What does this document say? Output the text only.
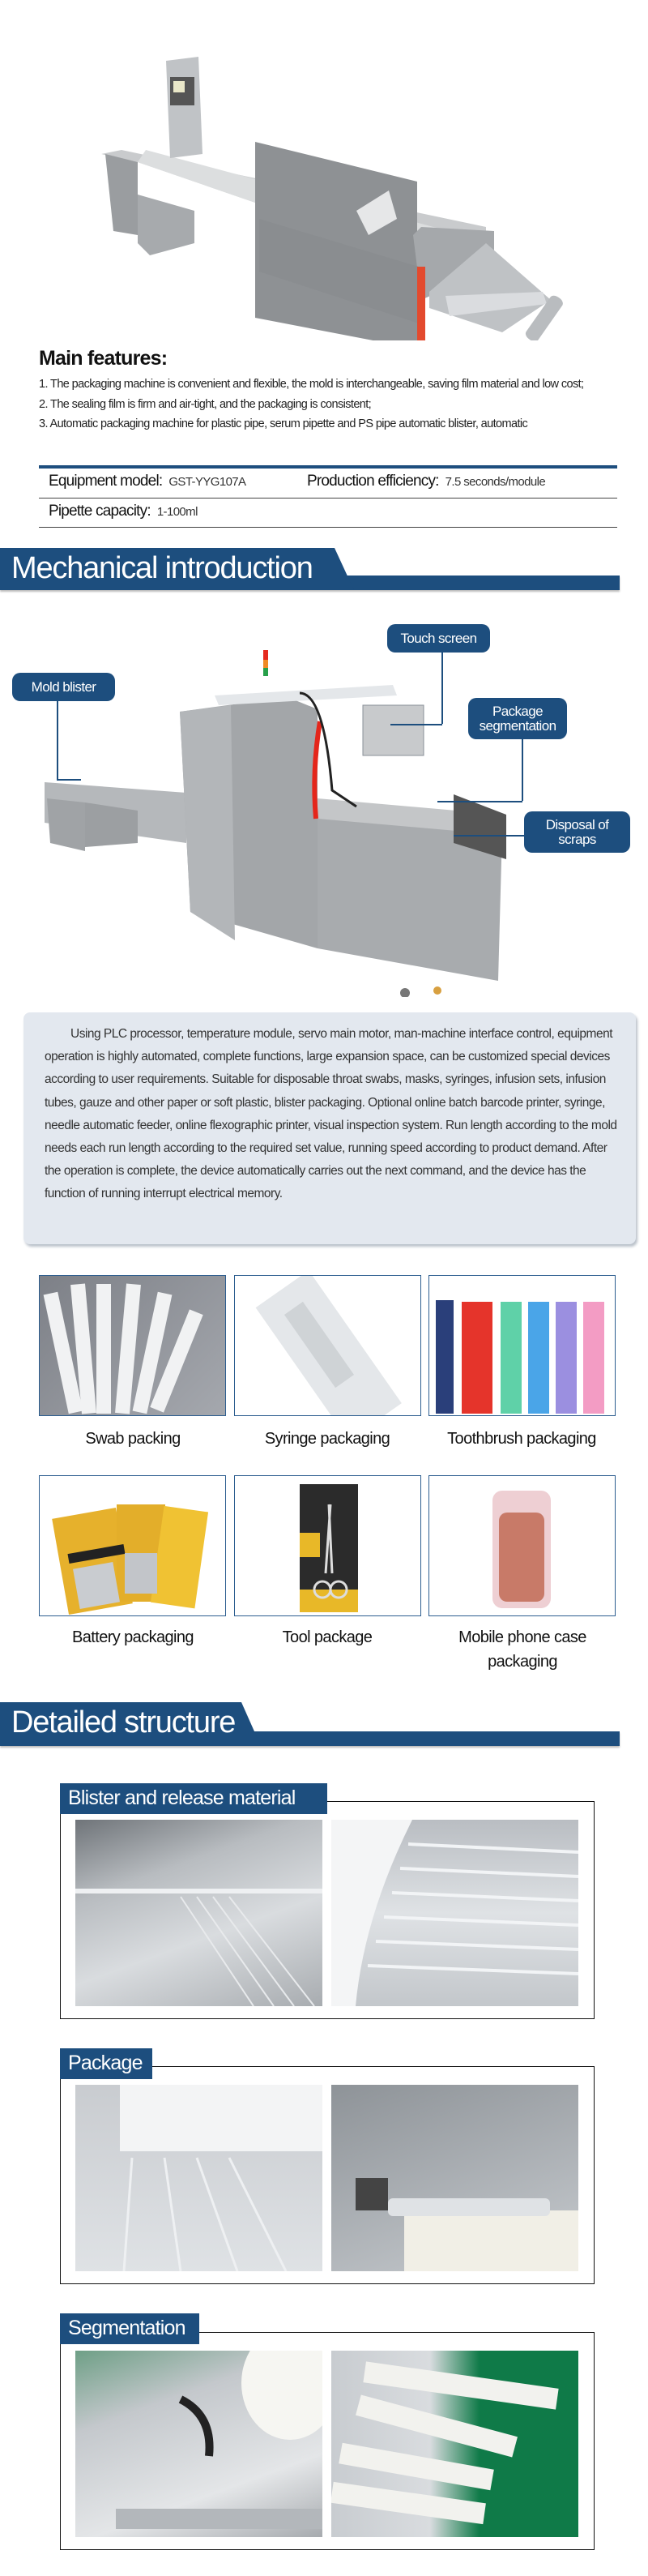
Main features:
1. The packaging machine is convenient and flexible, the mold is interchangeable, saving film material and low cost;
2. The sealing film is firm and air-tight, and the packaging is consistent;
3. Automatic packaging machine for plastic pipe, serum pipette and PS pipe automatic blister, automatic
Equipment model: GST-YYG107A	Production efficiency: 7.5 seconds/module
Pipette capacity: 1-100ml
Mechanical introduction
Touch screen
Mold blister
Package segmentation
Disposal of scraps
Using PLC processor, temperature module, servo main motor, man-machine interface control, equipment operation is highly automated, complete functions, large expansion space, can be customized special devices according to user requirements. Suitable for disposable throat swabs, masks, syringes, infusion sets, infusion tubes, gauze and other paper or soft plastic, blister packaging. Optional online batch barcode printer, syringe, needle automatic feeder, online flexographic printer, visual inspection system. Run length according to the mold needs each run length according to the required set value, running speed according to product demand. After the operation is complete, the device automatically carries out the next command, and the device has the function of running interrupt electrical memory.
Swab packing	Syringe packaging	Toothbrush packaging
Battery packaging	Tool package	Mobile phone case packaging
Detailed structure
Blister and release material
Package
Segmentation
